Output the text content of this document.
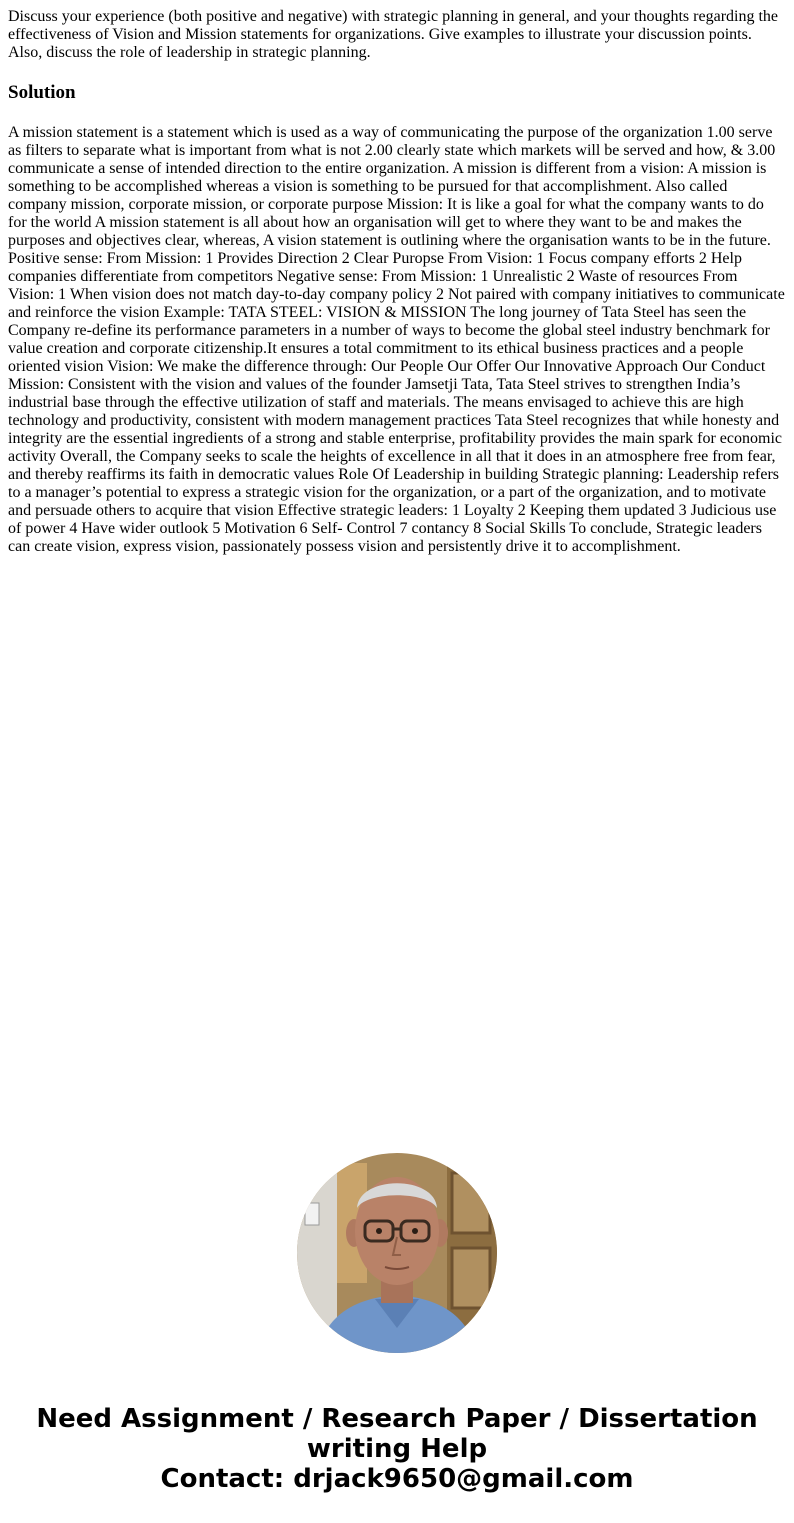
Discuss your experience (both positive and negative) with strategic planning in general, and your thoughts regarding the effectiveness of Vision and Mission statements for organizations. Give examples to illustrate your discussion points. Also, discuss the role of leadership in strategic planning.

Solution

A mission statement is a statement which is used as a way of communicating the purpose of the organization 1.00 serve as filters to separate what is important from what is not 2.00 clearly state which markets will be served and how, & 3.00 communicate a sense of intended direction to the entire organization. A mission is different from a vision: A mission is something to be accomplished whereas a vision is something to be pursued for that accomplishment. Also called company mission, corporate mission, or corporate purpose Mission: It is like a goal for what the company wants to do for the world A mission statement is all about how an organisation will get to where they want to be and makes the purposes and objectives clear, whereas, A vision statement is outlining where the organisation wants to be in the future. Positive sense: From Mission: 1 Provides Direction 2 Clear Puropse From Vision: 1 Focus company efforts 2 Help companies differentiate from competitors Negative sense: From Mission: 1 Unrealistic 2 Waste of resources From Vision: 1 When vision does not match day-to-day company policy 2 Not paired with company initiatives to communicate and reinforce the vision Example: TATA STEEL: VISION & MISSION The long journey of Tata Steel has seen the Company re-define its performance parameters in a number of ways to become the global steel industry benchmark for value creation and corporate citizenship.It ensures a total commitment to its ethical business practices and a people oriented vision Vision: We make the difference through: Our People Our Offer Our Innovative Approach Our Conduct Mission: Consistent with the vision and values of the founder Jamsetji Tata, Tata Steel strives to strengthen India’s industrial base through the effective utilization of staff and materials. The means envisaged to achieve this are high technology and productivity, consistent with modern management practices Tata Steel recognizes that while honesty and integrity are the essential ingredients of a strong and stable enterprise, profitability provides the main spark for economic activity Overall, the Company seeks to scale the heights of excellence in all that it does in an atmosphere free from fear, and thereby reaffirms its faith in democratic values Role Of Leadership in building Strategic planning: Leadership refers to a manager’s potential to express a strategic vision for the organization, or a part of the organization, and to motivate and persuade others to acquire that vision Effective strategic leaders: 1 Loyalty 2 Keeping them updated 3 Judicious use of power 4 Have wider outlook 5 Motivation 6 Self- Control 7 contancy 8 Social Skills To conclude, Strategic leaders can create vision, express vision, passionately possess vision and persistently drive it to accomplishment.

Need Assignment / Research Paper / Dissertation
writing Help
Contact: drjack9650@gmail.com
